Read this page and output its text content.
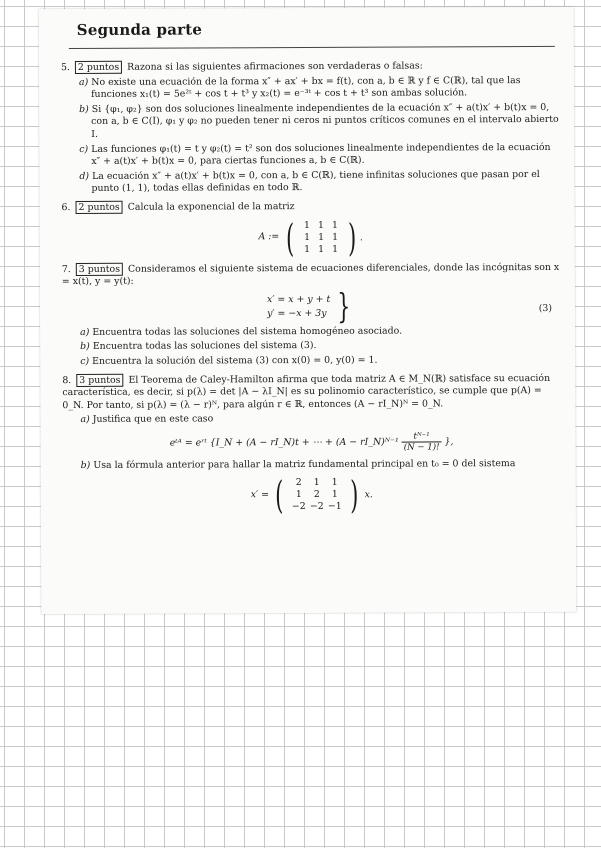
Segunda parte
5. 2 puntos Razona si las siguientes afirmaciones son verdaderas o falsas:
a) No existe una ecuación de la forma x″ + ax′ + bx = f(t), con a, b ∈ ℝ y f ∈ C(ℝ), tal que las funciones x₁(t) = 5e²ᵗ + cos t + t³ y x₂(t) = e⁻³ᵗ + cos t + t³ son ambas solución.
b) Si {φ₁, φ₂} son dos soluciones linealmente independientes de la ecuación x″ + a(t)x′ + b(t)x = 0, con a, b ∈ C(I), φ₁ y φ₂ no pueden tener ni ceros ni puntos críticos comunes en el intervalo abierto I.
c) Las funciones φ₁(t) = t y φ₂(t) = t² son dos soluciones linealmente independientes de la ecuación x″ + a(t)x′ + b(t)x = 0, para ciertas funciones a, b ∈ C(ℝ).
d) La ecuación x″ + a(t)x′ + b(t)x = 0, con a, b ∈ C(ℝ), tiene infinitas soluciones que pasan por el punto (1, 1), todas ellas definidas en todo ℝ.
6. 2 puntos Calcula la exponencial de la matriz
A := (	1 1 1
1 1 1
1 1 1 ) .
7. 3 puntos Consideramos el siguiente sistema de ecuaciones diferenciales, donde las incógnitas son x = x(t), y = y(t):
x′ = x + y + t
y′ = −x + 3y }	(3)
a) Encuentra todas las soluciones del sistema homogéneo asociado.
b) Encuentra todas las soluciones del sistema (3).
c) Encuentra la solución del sistema (3) con x(0) = 0, y(0) = 1.
8. 3 puntos El Teorema de Caley-Hamilton afirma que toda matriz A ∈ M_N(ℝ) satisface su ecuación característica, es decir, si p(λ) = det |A − λI_N| es su polinomio característico, se cumple que p(A) = 0_N. Por tanto, si p(λ) = (λ − r)ᴺ, para algún r ∈ ℝ, entonces (A − rI_N)ᴺ = 0_N.
a) Justifica que en este caso
eᵗᴬ = eʳᵗ {I_N + (A − rI_N)t + ⋯ + (A − rI_N)ᴺ⁻¹ $\frac{\text{tᴺ⁻¹}}{(N - 1)!}$ },
b) Usa la fórmula anterior para hallar la matriz fundamental principal en t₀ = 0 del sistema
x′ = (	2	1	1
1	2	1
−2 −2 −1 ) x.
